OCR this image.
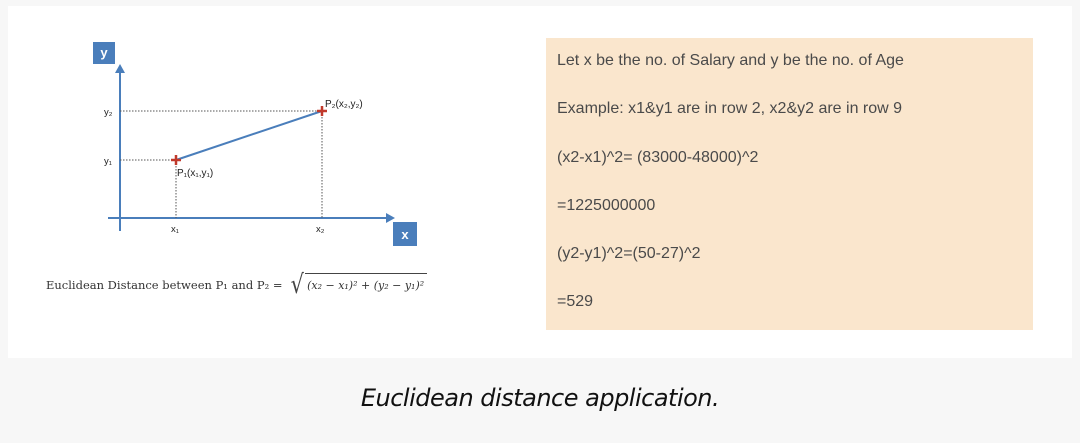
y
x
y₂
y₁
x₁	x₂
P₁(x₁,y₁)
P₂(x₂,y₂)
Euclidean Distance between P₁ and P₂ = √ (x₂ − x₁)² + (y₂ − y₁)²
Let x be the no. of Salary and y be the no. of Age
Example: x1&y1 are in row 2, x2&y2 are in row 9
(x2-x1)^2= (83000-48000)^2
=1225000000
(y2-y1)^2=(50-27)^2
=529
Euclidean distance application.
